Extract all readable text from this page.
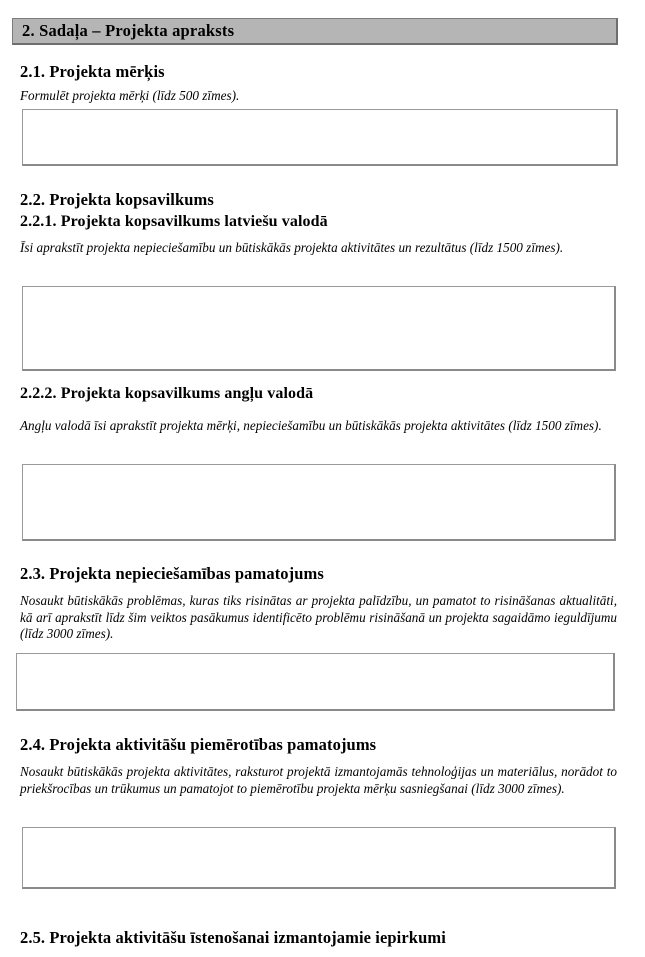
2. Sadaļa – Projekta apraksts
2.1. Projekta mērķis
Formulēt projekta mērķi (līdz 500 zīmes).
2.2. Projekta kopsavilkums
2.2.1. Projekta kopsavilkums latviešu valodā
Īsi aprakstīt projekta nepieciešamību un būtiskākās projekta aktivitātes un rezultātus (līdz 1500 zīmes).
2.2.2. Projekta kopsavilkums angļu valodā
Angļu valodā īsi aprakstīt projekta mērķi, nepieciešamību un būtiskākās projekta aktivitātes (līdz 1500 zīmes).
2.3. Projekta nepieciešamības pamatojums
Nosaukt būtiskākās problēmas, kuras tiks risinātas ar projekta palīdzību, un pamatot to risināšanas aktualitāti, kā arī aprakstīt līdz šim veiktos pasākumus identificēto problēmu risināšanā un projekta sagaidāmo ieguldījumu (līdz 3000 zīmes).
2.4. Projekta aktivitāšu piemērotības pamatojums
Nosaukt būtiskākās projekta aktivitātes, raksturot projektā izmantojamās tehnoloģijas un materiālus, norādot to priekšrocības un trūkumus un pamatojot to piemērotību projekta mērķu sasniegšanai (līdz 3000 zīmes).
2.5. Projekta aktivitāšu īstenošanai izmantojamie iepirkumi
